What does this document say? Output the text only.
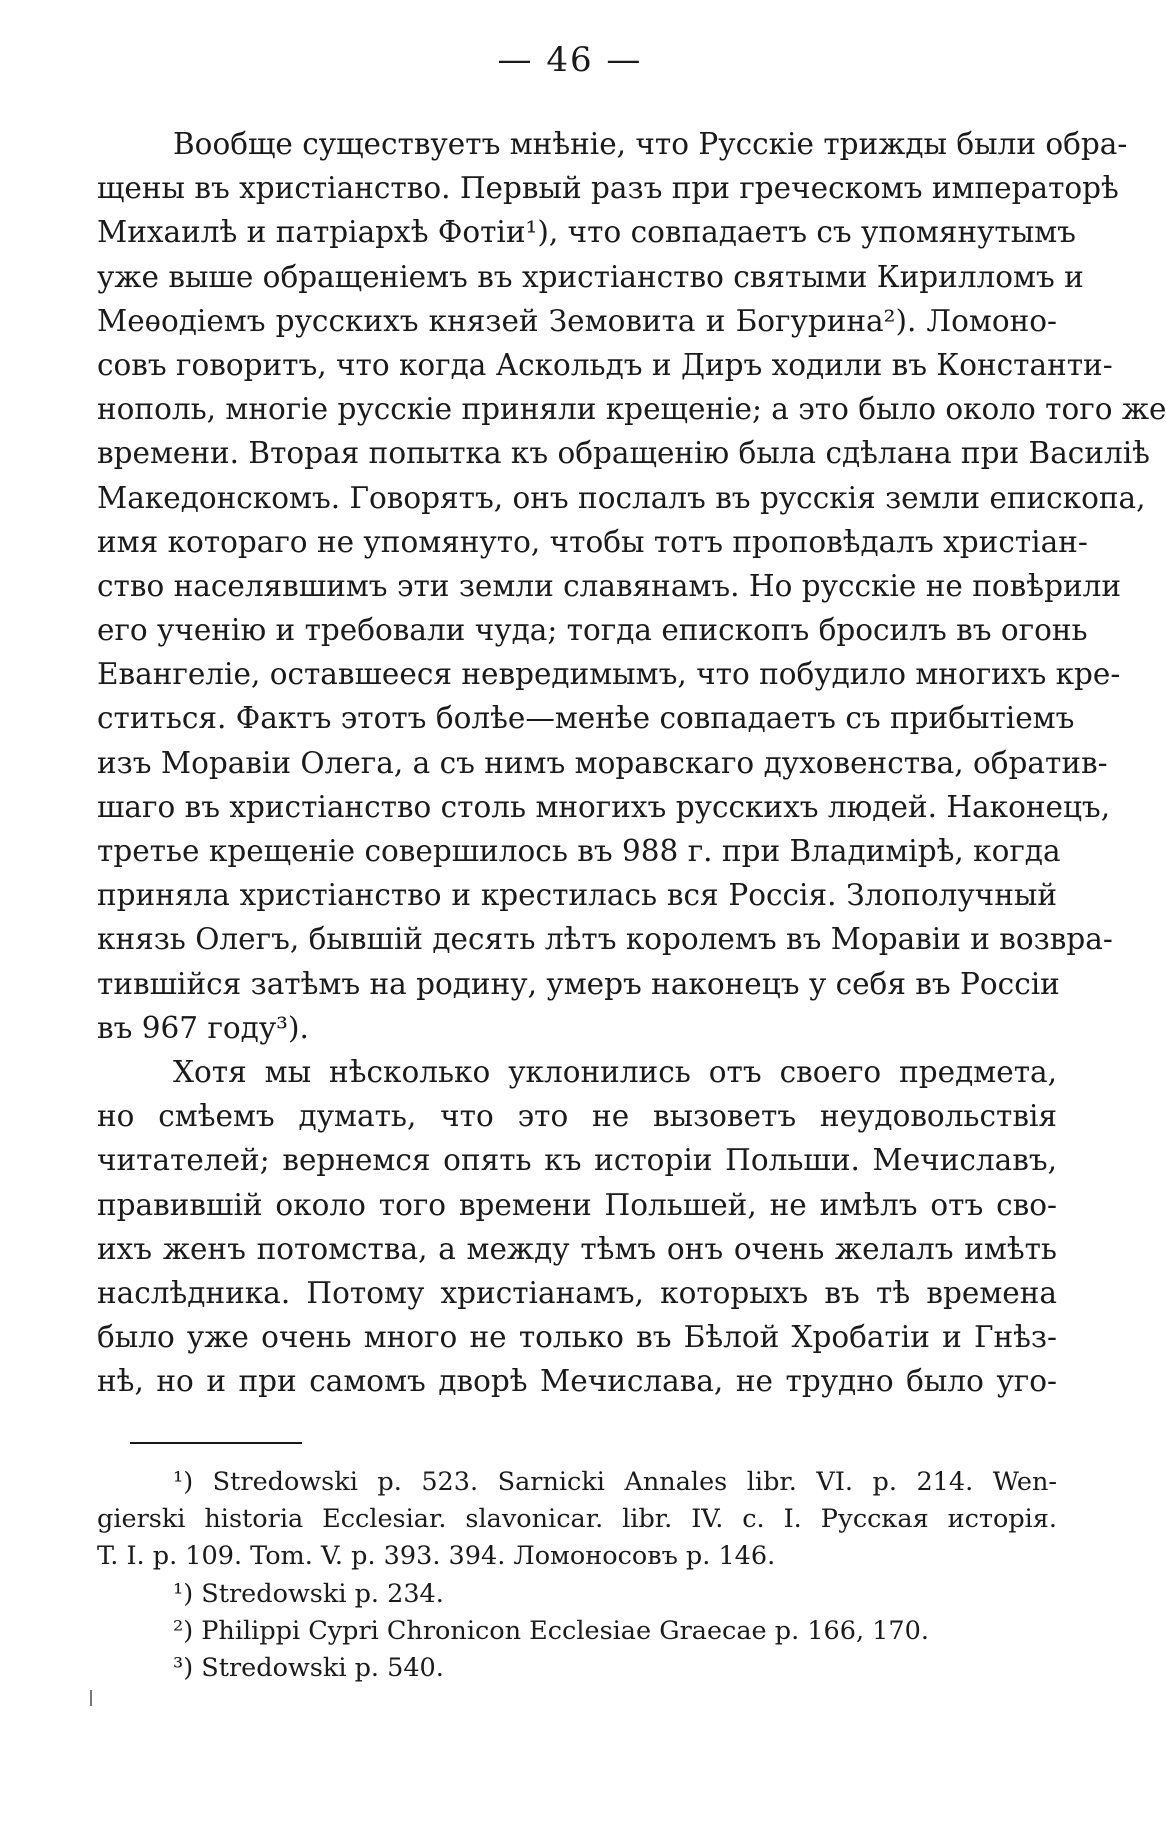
— 46 —
Вообще существуетъ мнѣніе, что Русскіе трижды были обра-
щены въ христіанство. Первый разъ при греческомъ императорѣ
Михаилѣ и патріархѣ Фотіи¹), что совпадаетъ съ упомянутымъ
уже выше обращеніемъ въ христіанство святыми Кирилломъ и
Меѳодіемъ русскихъ князей Земовита и Богурина²). Ломоно-
совъ говоритъ, что когда Аскольдъ и Диръ ходили въ Константи-
нополь, многіе русскіе приняли крещеніе; а это было около того же
времени. Вторая попытка къ обращенію была сдѣлана при Василіѣ
Македонскомъ. Говорятъ, онъ послалъ въ русскія земли епископа,
имя котораго не упомянуто, чтобы тотъ проповѣдалъ христіан-
ство населявшимъ эти земли славянамъ. Но русскіе не повѣрили
его ученію и требовали чуда; тогда епископъ бросилъ въ огонь
Евангеліе, оставшееся невредимымъ, что побудило многихъ кре-
ститься. Фактъ этотъ болѣе—менѣе совпадаетъ съ прибытіемъ
изъ Моравіи Олега, а съ нимъ моравскаго духовенства, обратив-
шаго въ христіанство столь многихъ русскихъ людей. Наконецъ,
третье крещеніе совершилось въ 988 г. при Владимірѣ, когда
приняла христіанство и крестилась вся Россія. Злополучный
князь Олегъ, бывшій десять лѣтъ королемъ въ Моравіи и возвра-
тившійся затѣмъ на родину, умеръ наконецъ у себя въ Россіи
въ 967 году³).
Хотя мы нѣсколько уклонились отъ своего предмета,
но смѣемъ думать, что это не вызоветъ неудовольствія
читателей; вернемся опять къ исторіи Польши. Мечиславъ,
правившій около того времени Польшей, не имѣлъ отъ сво-
ихъ женъ потомства, а между тѣмъ онъ очень желалъ имѣть
наслѣдника. Потому христіанамъ, которыхъ въ тѣ времена
было уже очень много не только въ Бѣлой Хробатіи и Гнѣз-
нѣ, но и при самомъ дворѣ Мечислава, не трудно было уго-
¹) Stredowski p. 523. Sarnicki Annales libr. VI. p. 214. Wen-
gierski historia Ecclesiar. slavonicar. libr. IV. c. I. Русская исторія.
T. I. p. 109. Tom. V. p. 393. 394. Ломоносовъ p. 146.
¹) Stredowski p. 234.
²) Philippi Cypri Chronicon Ecclesiae Graecae p. 166, 170.
³) Stredowski p. 540.
